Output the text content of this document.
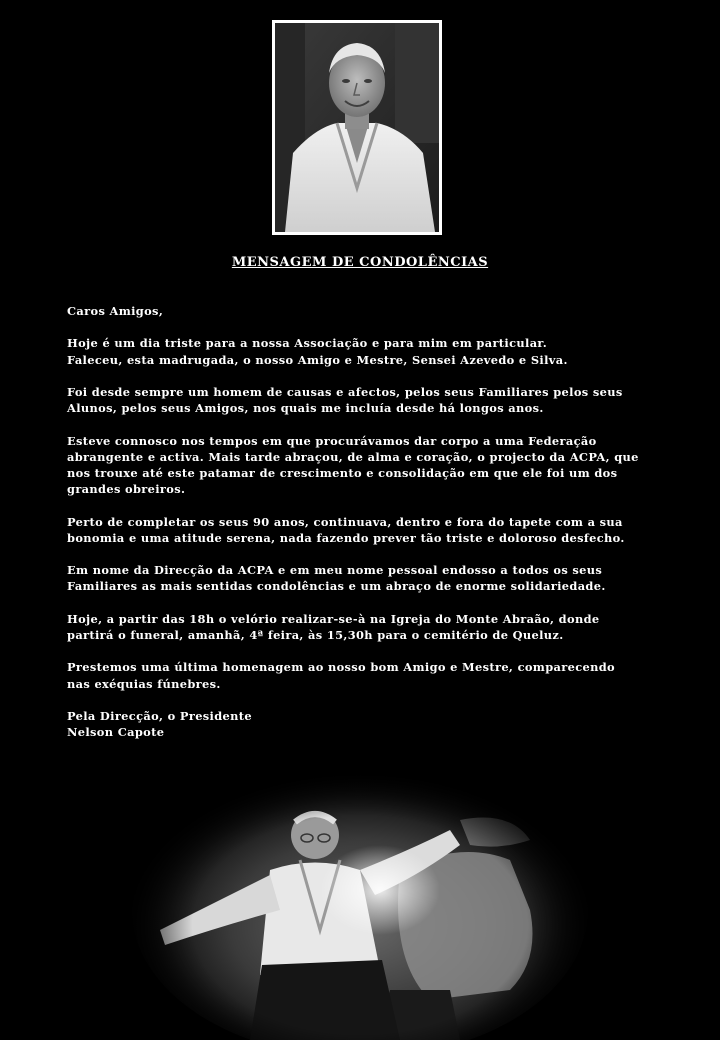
MENSAGEM DE CONDOLÊNCIAS

Caros Amigos,

Hoje é um dia triste para a nossa Associação e para mim em particular.
Faleceu, esta madrugada, o nosso Amigo e Mestre, Sensei Azevedo e Silva.

Foi desde sempre um homem de causas e afectos, pelos seus Familiares pelos seus
Alunos, pelos seus Amigos, nos quais me incluía desde há longos anos.

Esteve connosco nos tempos em que procurávamos dar corpo a uma Federação
abrangente e activa. Mais tarde abraçou, de alma e coração, o projecto da ACPA, que
nos trouxe até este patamar de crescimento e consolidação em que ele foi um dos
grandes obreiros.

Perto de completar os seus 90 anos, continuava, dentro e fora do tapete com a sua
bonomia e uma atitude serena, nada fazendo prever tão triste e doloroso desfecho.

Em nome da Direcção da ACPA e em meu nome pessoal endosso a todos os seus
Familiares as mais sentidas condolências e um abraço de enorme solidariedade.

Hoje, a partir das 18h o velório realizar-se-à na Igreja do Monte Abraão, donde
partirá o funeral, amanhã, 4ª feira, às 15,30h para o cemitério de Queluz.

Prestemos uma última homenagem ao nosso bom Amigo e Mestre, comparecendo
nas exéquias fúnebres.

Pela Direcção, o Presidente
Nelson Capote
